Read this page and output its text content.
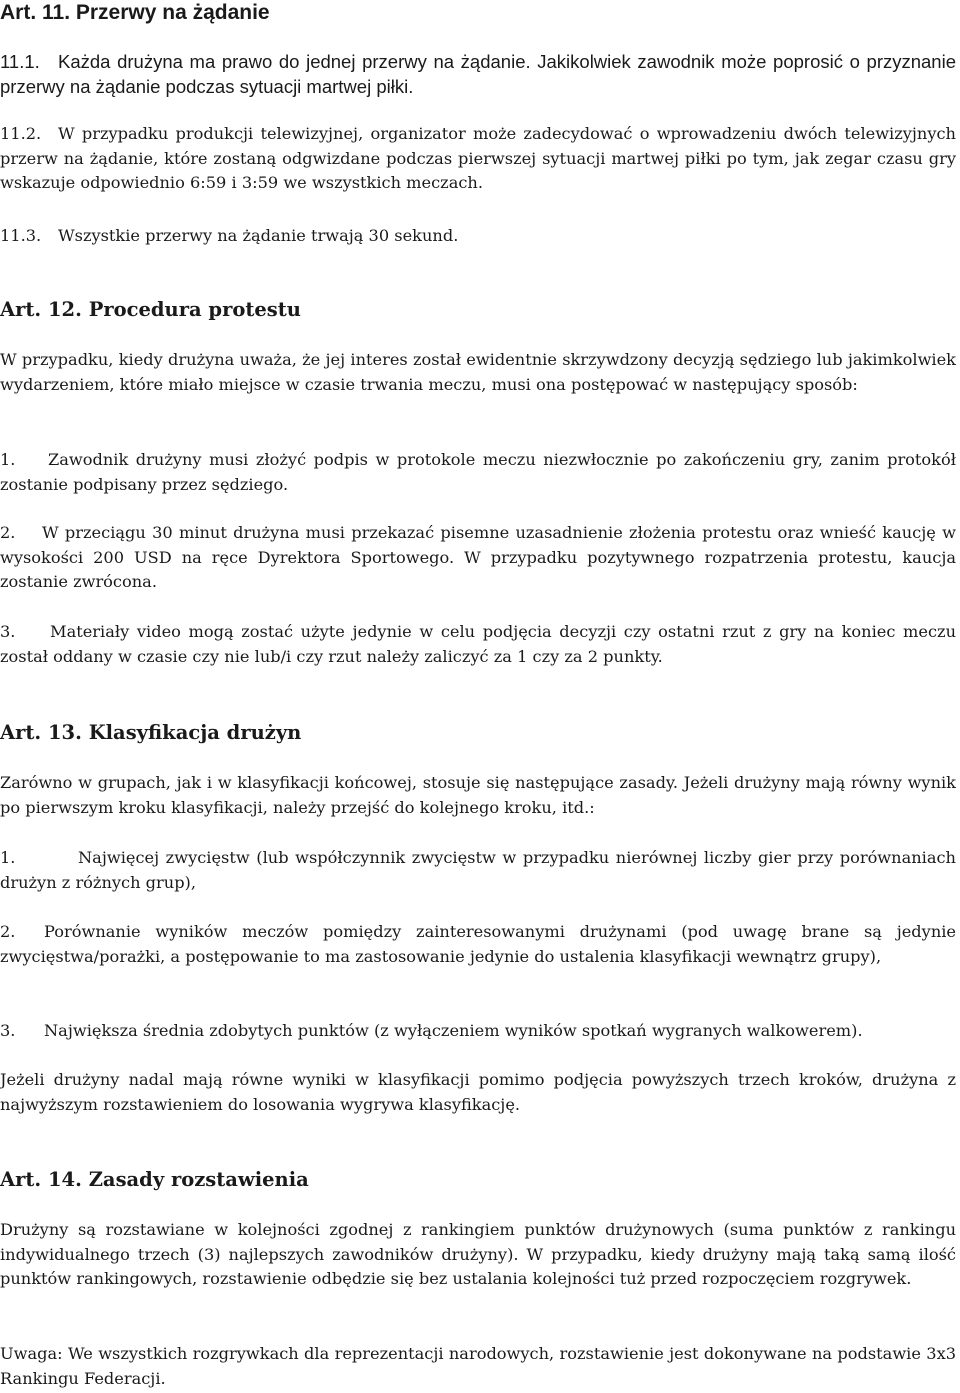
Art. 11. Przerwy na żądanie

11.1. Każda drużyna ma prawo do jednej przerwy na żądanie. Jakikolwiek zawodnik może poprosić o przyznanie przerwy na żądanie podczas sytuacji martwej piłki.

11.2. W przypadku produkcji telewizyjnej, organizator może zadecydować o wprowadzeniu dwóch telewizyjnych przerw na żądanie, które zostaną odgwizdane podczas pierwszej sytuacji martwej piłki po tym, jak zegar czasu gry wskazuje odpowiednio 6:59 i 3:59 we wszystkich meczach.

11.3. Wszystkie przerwy na żądanie trwają 30 sekund.

Art. 12. Procedura protestu

W przypadku, kiedy drużyna uważa, że jej interes został ewidentnie skrzywdzony decyzją sędziego lub jakimkolwiek wydarzeniem, które miało miejsce w czasie trwania meczu, musi ona postępować w następujący sposób:

1. Zawodnik drużyny musi złożyć podpis w protokole meczu niezwłocznie po zakończeniu gry, zanim protokół zostanie podpisany przez sędziego.

2. W przeciągu 30 minut drużyna musi przekazać pisemne uzasadnienie złożenia protestu oraz wnieść kaucję w wysokości 200 USD na ręce Dyrektora Sportowego. W przypadku pozytywnego rozpatrzenia protestu, kaucja zostanie zwrócona.

3. Materiały video mogą zostać użyte jedynie w celu podjęcia decyzji czy ostatni rzut z gry na koniec meczu został oddany w czasie czy nie lub/i czy rzut należy zaliczyć za 1 czy za 2 punkty.

Art. 13. Klasyfikacja drużyn

Zarówno w grupach, jak i w klasyfikacji końcowej, stosuje się następujące zasady. Jeżeli drużyny mają równy wynik po pierwszym kroku klasyfikacji, należy przejść do kolejnego kroku, itd.:

1.	Najwięcej zwycięstw (lub współczynnik zwycięstw w przypadku nierównej liczby gier przy porównaniach drużyn z różnych grup),

2. Porównanie wyników meczów pomiędzy zainteresowanymi drużynami (pod uwagę brane są jedynie zwycięstwa/porażki, a postępowanie to ma zastosowanie jedynie do ustalenia klasyfikacji wewnątrz grupy),

3. Największa średnia zdobytych punktów (z wyłączeniem wyników spotkań wygranych walkowerem).

Jeżeli drużyny nadal mają równe wyniki w klasyfikacji pomimo podjęcia powyższych trzech kroków, drużyna z najwyższym rozstawieniem do losowania wygrywa klasyfikację.

Art. 14. Zasady rozstawienia

Drużyny są rozstawiane w kolejności zgodnej z rankingiem punktów drużynowych (suma punktów z rankingu indywidualnego trzech (3) najlepszych zawodników drużyny). W przypadku, kiedy drużyny mają taką samą ilość punktów rankingowych, rozstawienie odbędzie się bez ustalania kolejności tuż przed rozpoczęciem rozgrywek.

Uwaga: We wszystkich rozgrywkach dla reprezentacji narodowych, rozstawienie jest dokonywane na podstawie 3x3 Rankingu Federacji.
